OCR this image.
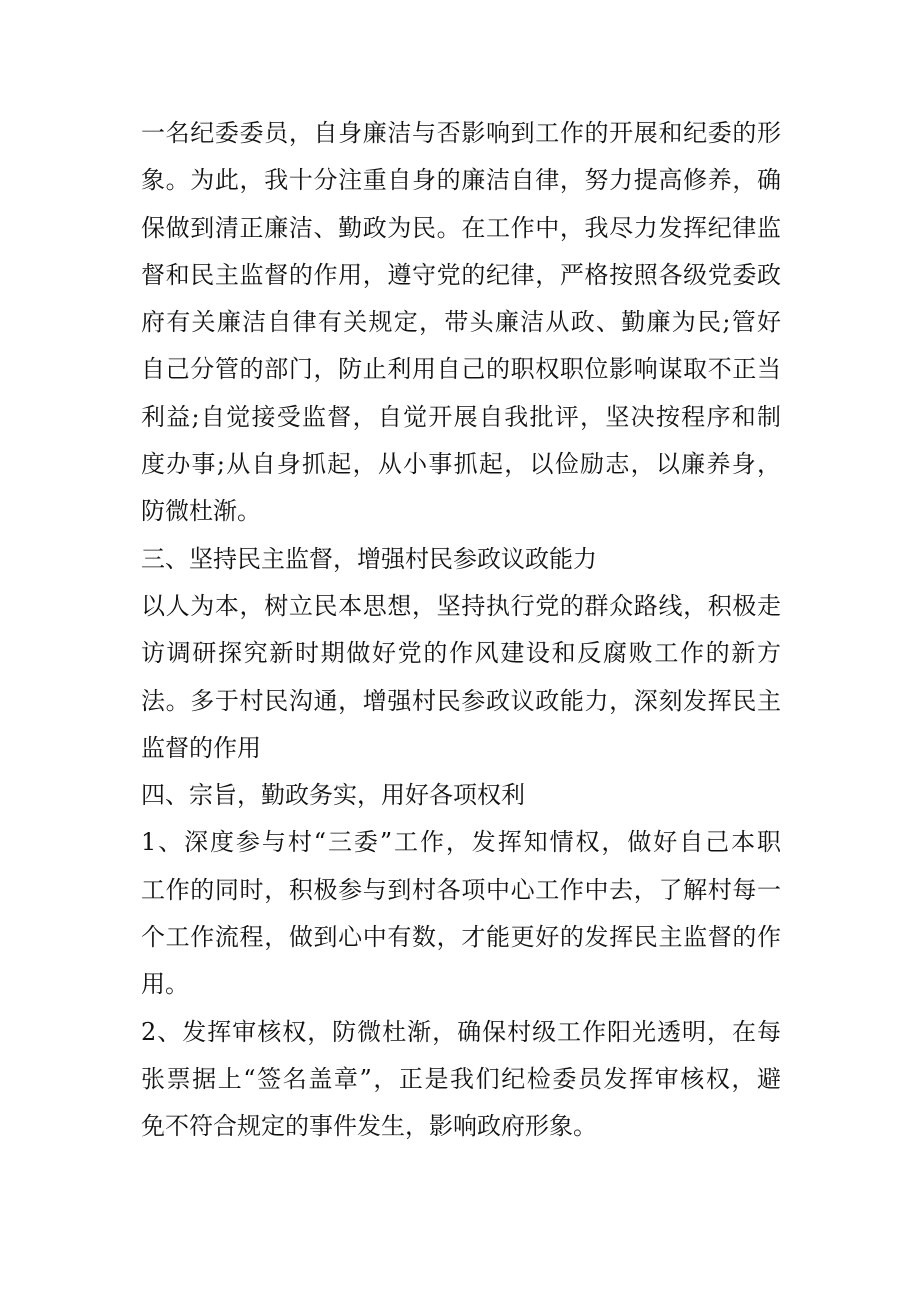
一名纪委委员，自身廉洁与否影响到工作的开展和纪委的形
象。为此，我十分注重自身的廉洁自律，努力提高修养，确
保做到清正廉洁、勤政为民。在工作中，我尽力发挥纪律监
督和民主监督的作用，遵守党的纪律，严格按照各级党委政
府有关廉洁自律有关规定，带头廉洁从政、勤廉为民;管好
自己分管的部门，防止利用自己的职权职位影响谋取不正当
利益;自觉接受监督，自觉开展自我批评，坚决按程序和制
度办事;从自身抓起，从小事抓起，以俭励志，以廉养身，
防微杜渐。
三、坚持民主监督，增强村民参政议政能力
以人为本，树立民本思想，坚持执行党的群众路线，积极走
访调研探究新时期做好党的作风建设和反腐败工作的新方
法。多于村民沟通，增强村民参政议政能力，深刻发挥民主
监督的作用
四、宗旨，勤政务实，用好各项权利
1、深度参与村“三委”工作，发挥知情权，做好自己本职
工作的同时，积极参与到村各项中心工作中去，了解村每一
个工作流程，做到心中有数，才能更好的发挥民主监督的作
用。
2、发挥审核权，防微杜渐，确保村级工作阳光透明，在每
张票据上“签名盖章”，正是我们纪检委员发挥审核权，避
免不符合规定的事件发生，影响政府形象。
